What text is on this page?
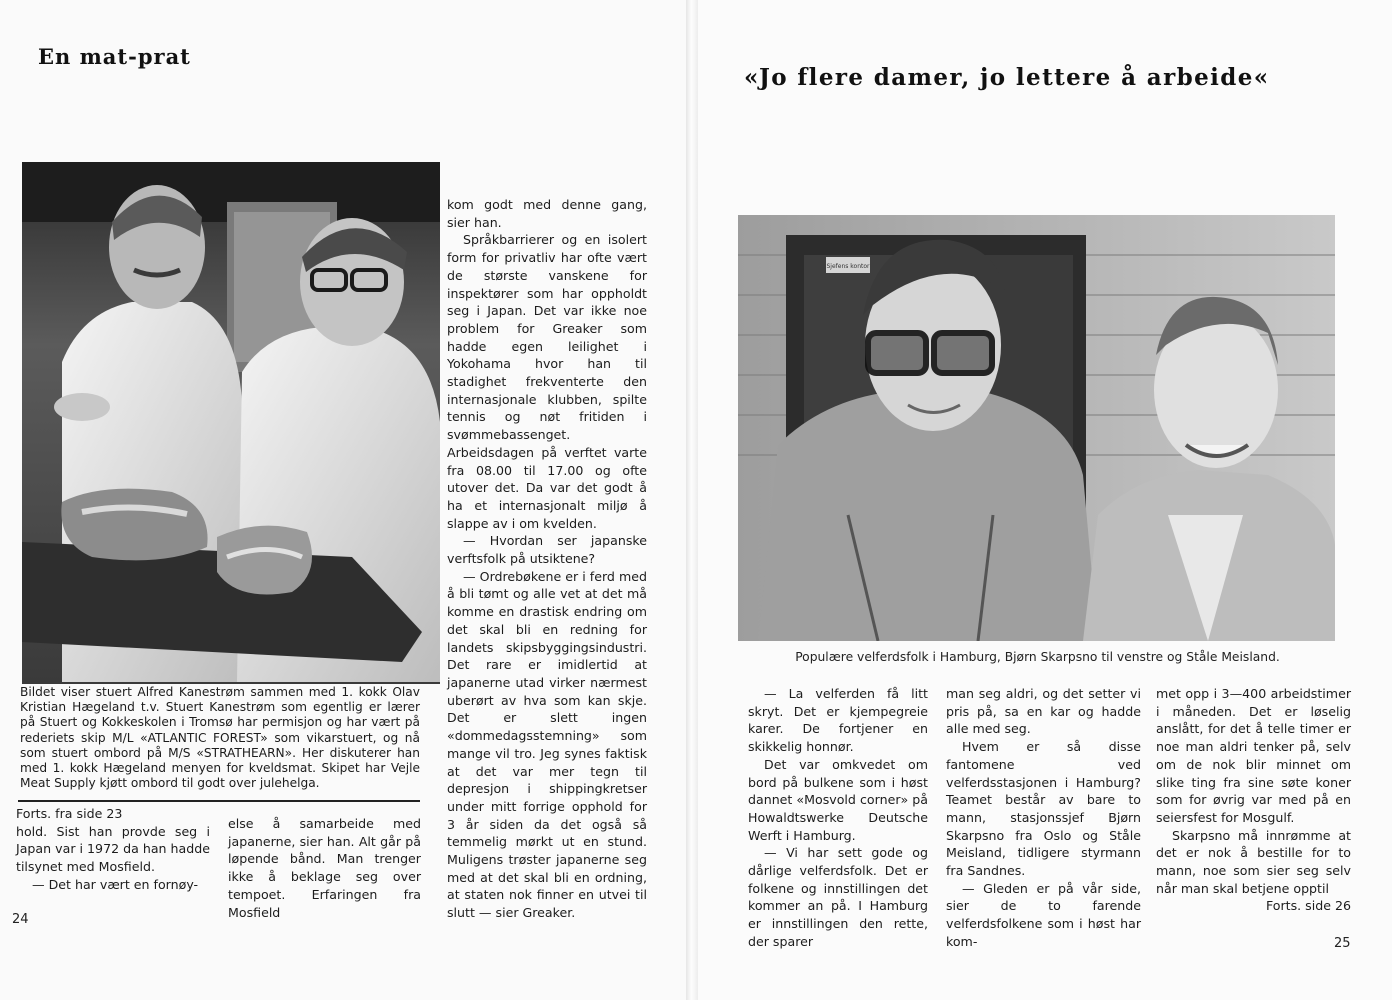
En mat-prat

kom godt med denne gang, sier han.

Språkbarrierer og en isolert form for privatliv har ofte vært de største vanskene for inspektører som har oppholdt seg i Japan. Det var ikke noe problem for Greaker som hadde egen leilighet i Yokohama hvor han til stadighet frekventerte den internasjonale klubben, spilte tennis og nøt fritiden i svømmebassenget. Arbeidsdagen på verftet varte fra 08.00 til 17.00 og ofte utover det. Da var det godt å ha et internasjonalt miljø å slappe av i om kvelden.

— Hvordan ser japanske verftsfolk på utsiktene?

— Ordrebøkene er i ferd med å bli tømt og alle vet at det må komme en drastisk endring om det skal bli en redning for landets skipsbyggingsindustri. Det rare er imidlertid at japanerne utad virker nærmest uberørt av hva som kan skje. Det er slett ingen «dommedagsstemning» som mange vil tro. Jeg synes faktisk at det var mer tegn til depresjon i shippingkretser under mitt forrige opphold for 3 år siden da det også så temmelig mørkt ut en stund. Muligens trøster japanerne seg med at det skal bli en ordning, at staten nok finner en utvei til slutt — sier Greaker.

Bildet viser stuert Alfred Kanestrøm sammen med 1. kokk Olav Kristian Hægeland t.v. Stuert Kanestrøm som egentlig er lærer på Stuert og Kokkeskolen i Tromsø har permisjon og har vært på rederiets skip M/L «ATLANTIC FOREST» som vikarstuert, og nå som stuert ombord på M/S «STRATHEARN». Her diskuterer han med 1. kokk Hægeland menyen for kveldsmat. Skipet har Vejle Meat Supply kjøtt ombord til godt over julehelga.

Forts. fra side 23

hold. Sist han provde seg i Japan var i 1972 da han hadde tilsynet med Mosfield.

— Det har vært en fornøy-

else å samarbeide med japanerne, sier han. Alt går på løpende bånd. Man trenger ikke å beklage seg over tempoet. Erfaringen fra Mosfield
24
«Jo flere damer, jo lettere å arbeide«
Sjefens kontor
Populære velferdsfolk i Hamburg, Bjørn Skarpsno til venstre og Ståle Meisland.

— La velferden få litt skryt. Det er kjempegreie karer. De fortjener en skikkelig honnør.

Det var omkvedet om bord på bulkene som i høst dannet «Mosvold corner» på Howaldtswerke Deutsche Werft i Hamburg.

— Vi har sett gode og dårlige velferdsfolk. Det er folkene og innstillingen det kommer an på. I Hamburg er innstillingen den rette, der sparer

man seg aldri, og det setter vi pris på, sa en kar og hadde alle med seg.

Hvem er så disse fantomene ved velferdsstasjonen i Hamburg? Teamet består av bare to mann, stasjonssjef Bjørn Skarpsno fra Oslo og Ståle Meisland, tidligere styrmann fra Sandnes.

— Gleden er på vår side, sier de to farende velferdsfolkene som i høst har kom-

met opp i 3—400 arbeidstimer i måneden. Det er løselig anslått, for det å telle timer er noe man aldri tenker på, selv om de nok blir minnet om slike ting fra sine søte koner som for øvrig var med på en seiersfest for Mosgulf.

Skarpsno må innrømme at det er nok å bestille for to mann, noe som sier seg selv når man skal betjene opptil

Forts. side 26

25
